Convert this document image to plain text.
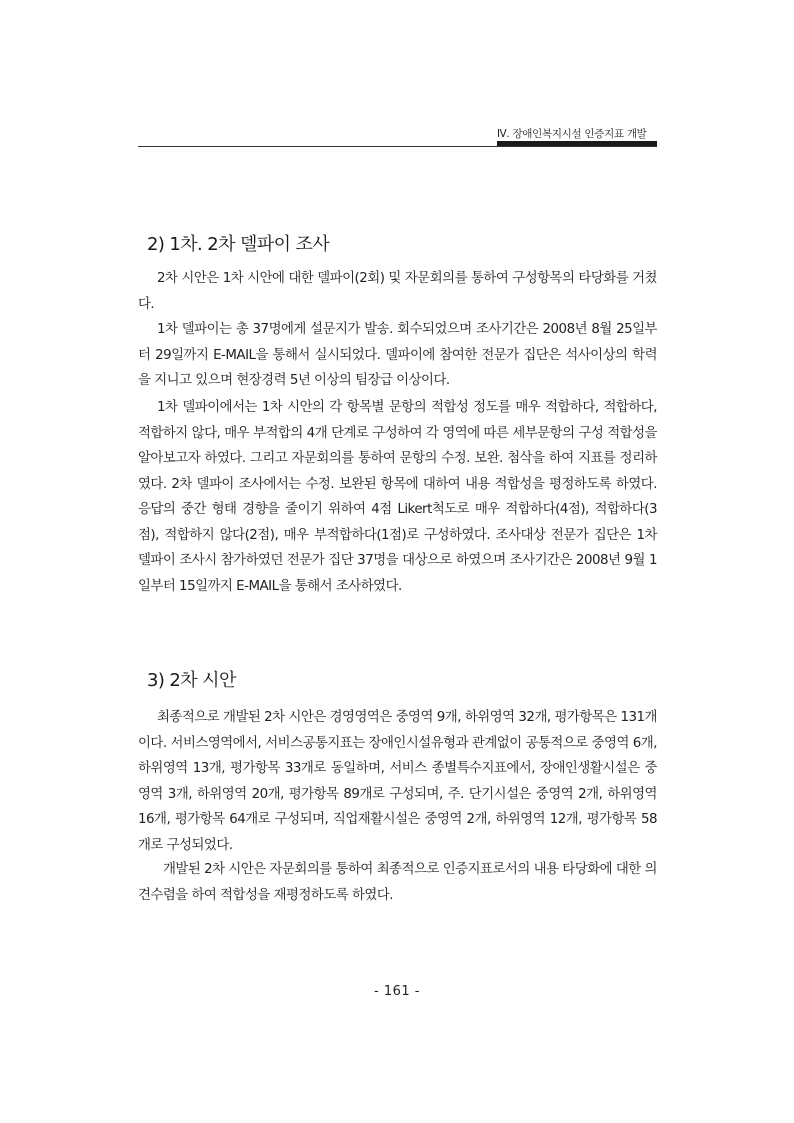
Ⅳ. 장애인복지시설 인증지표 개발
2) 1차. 2차 델파이 조사

2차 시안은 1차 시안에 대한 델파이(2회) 및 자문회의를 통하여 구성항목의 타당화를 거쳤다.

1차 델파이는 총 37명에게 설문지가 발송. 회수되었으며 조사기간은 2008년 8월 25일부터 29일까지 E-MAIL을 통해서 실시되었다. 델파이에 참여한 전문가 집단은 석사이상의 학력을 지니고 있으며 현장경력 5년 이상의 팀장급 이상이다.

1차 델파이에서는 1차 시안의 각 항목별 문항의 적합성 정도를 매우 적합하다, 적합하다, 적합하지 않다, 매우 부적합의 4개 단계로 구성하여 각 영역에 따른 세부문항의 구성 적합성을 알아보고자 하였다. 그리고 자문회의를 통하여 문항의 수정. 보완. 첨삭을 하여 지표를 정리하였다. 2차 델파이 조사에서는 수정. 보완된 항목에 대하여 내용 적합성을 평정하도록 하였다. 응답의 중간 형태 경향을 줄이기 위하여 4점 Likert척도로 매우 적합하다(4점), 적합하다(3점), 적합하지 않다(2점), 매우 부적합하다(1점)로 구성하였다. 조사대상 전문가 집단은 1차 델파이 조사시 참가하였던 전문가 집단 37명을 대상으로 하였으며 조사기간은 2008년 9월 1일부터 15일까지 E-MAIL을 통해서 조사하였다.

3) 2차 시안

최종적으로 개발된 2차 시안은 경영영역은 중영역 9개, 하위영역 32개, 평가항목은 131개이다. 서비스영역에서, 서비스공통지표는 장애인시설유형과 관계없이 공통적으로 중영역 6개, 하위영역 13개, 평가항목 33개로 동일하며, 서비스 종별특수지표에서, 장애인생활시설은 중영역 3개, 하위영역 20개, 평가항목 89개로 구성되며, 주. 단기시설은 중영역 2개, 하위영역 16개, 평가항목 64개로 구성되며, 직업재활시설은 중영역 2개, 하위영역 12개, 평가항목 58개로 구성되었다.

개발된 2차 시안은 자문회의를 통하여 최종적으로 인증지표로서의 내용 타당화에 대한 의견수렴을 하여 적합성을 재평정하도록 하였다.

- 161 -
